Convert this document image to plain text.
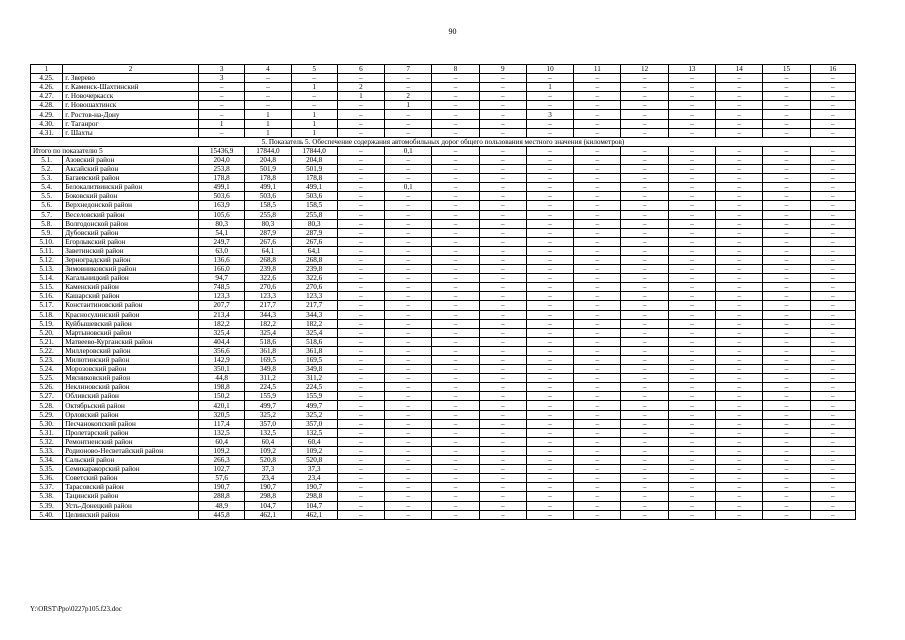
90
1	2	3	4	5	6	7	8	9	10	11	12	13	14	15	16
4.25.	г. Зверево	3	–	–	–	–	–	–	–	–	–	–	–	–	–
4.26.	г. Каменск-Шахтинский	–	–	1	2	–	–	–	1	–	–	–	–	–	–
4.27.	г. Новочеркасск	–	–	–	1	2	–	–	–	–	–	–	–	–	–
4.28.	г. Новошахтинск	–	–	–	–	1	–	–	–	–	–	–	–	–	–
4.29.	г. Ростов-на-Дону	–	1	1	–	–	–	–	3	–	–	–	–	–	–
4.30.	г. Таганрог	1	1	1	–	–	–	–	–	–	–	–	–	–	–
4.31.	г. Шахты	–	1	1	–	–	–	–	–	–	–	–	–	–	–
5. Показатель 5. Обеспечение содержания автомобильных дорог общего пользования местного значения (километров)															
Итого по показателю 5		15436,9	17844,0	17844,0	–	0,1	–	–	–	–	–	–	–	–	–
5.1.	Азовский район	204,0	204,8	204,8	–	–	–	–	–	–	–	–	–	–	–
5.2.	Аксайский район	253,8	501,9	501,9	–	–	–	–	–	–	–	–	–	–	–
5.3.	Багаевский район	178,8	178,8	178,8	–	–	–	–	–	–	–	–	–	–	–
5.4.	Белокалитвинский район	499,1	499,1	499,1	–	0,1	–	–	–	–	–	–	–	–	–
5.5.	Боковский район	503,6	503,6	503,6	–	–	–	–	–	–	–	–	–	–	–
5.6.	Верхнедонской район	163,9	158,5	158,5	–	–	–	–	–	–	–	–	–	–	–
5.7.	Веселовский район	105,6	255,8	255,8	–	–	–	–	–	–	–	–	–	–	–
5.8.	Волгодонской район	80,3	80,3	80,3	–	–	–	–	–	–	–	–	–	–	–
5.9.	Дубовский район	54,1	287,9	287,9	–	–	–	–	–	–	–	–	–	–	–
5.10.	Егорлыкский район	249,7	267,6	267,6	–	–	–	–	–	–	–	–	–	–	–
5.11.	Заветинский район	63,0	64,1	64,1	–	–	–	–	–	–	–	–	–	–	–
5.12.	Зерноградский район	136,6	268,8	268,8	–	–	–	–	–	–	–	–	–	–	–
5.13.	Зимовниковский район	166,0	239,8	239,8	–	–	–	–	–	–	–	–	–	–	–
5.14.	Кагальницкий район	94,7	322,6	322,6	–	–	–	–	–	–	–	–	–	–	–
5.15.	Каменский район	748,5	270,6	270,6	–	–	–	–	–	–	–	–	–	–	–
5.16.	Кашарский район	123,3	123,3	123,3	–	–	–	–	–	–	–	–	–	–	–
5.17.	Константиновский район	207,7	217,7	217,7	–	–	–	–	–	–	–	–	–	–	–
5.18.	Красносулинский район	213,4	344,3	344,3	–	–	–	–	–	–	–	–	–	–	–
5.19.	Куйбышевский район	182,2	182,2	182,2	–	–	–	–	–	–	–	–	–	–	–
5.20.	Мартыновский район	325,4	325,4	325,4	–	–	–	–	–	–	–	–	–	–	–
5.21.	Матвеево-Курганский район	404,4	518,6	518,6	–	–	–	–	–	–	–	–	–	–	–
5.22.	Миллеровский район	356,6	361,8	361,8	–	–	–	–	–	–	–	–	–	–	–
5.23.	Милютинский район	142,9	169,5	169,5	–	–	–	–	–	–	–	–	–	–	–
5.24.	Морозовский район	350,1	349,8	349,8	–	–	–	–	–	–	–	–	–	–	–
5.25.	Мясниковский район	44,8	311,2	311,2	–	–	–	–	–	–	–	–	–	–	–
5.26.	Неклиновский район	198,8	224,5	224,5	–	–	–	–	–	–	–	–	–	–	–
5.27.	Обливский район	150,2	155,9	155,9	–	–	–	–	–	–	–	–	–	–	–
5.28.	Октябрьский район	420,1	499,7	499,7	–	–	–	–	–	–	–	–	–	–	–
5.29.	Орловский район	320,5	325,2	325,2	–	–	–	–	–	–	–	–	–	–	–
5.30.	Песчанокопский район	117,4	357,0	357,0	–	–	–	–	–	–	–	–	–	–	–
5.31.	Пролетарский район	132,5	132,5	132,5	–	–	–	–	–	–	–	–	–	–	–
5.32.	Ремонтненский район	60,4	60,4	60,4	–	–	–	–	–	–	–	–	–	–	–
5.33.	Родионово-Несветайский район	109,2	109,2	109,2	–	–	–	–	–	–	–	–	–	–	–
5.34.	Сальский район	266,3	520,8	520,8	–	–	–	–	–	–	–	–	–	–	–
5.35.	Семикаракорский район	102,7	37,3	37,3	–	–	–	–	–	–	–	–	–	–	–
5.36.	Советский район	57,6	23,4	23,4	–	–	–	–	–	–	–	–	–	–	–
5.37.	Тарасовский район	190,7	190,7	190,7	–	–	–	–	–	–	–	–	–	–	–
5.38.	Тацинский район	288,8	298,8	298,8	–	–	–	–	–	–	–	–	–	–	–
5.39.	Усть-Донецкий район	48,9	104,7	104,7	–	–	–	–	–	–	–	–	–	–	–
5.40.	Целинский район	445,8	462,1	462,1	–	–	–	–	–	–	–	–	–	–	–
Y:\ORST\Ppo\0227p105.f23.doc
